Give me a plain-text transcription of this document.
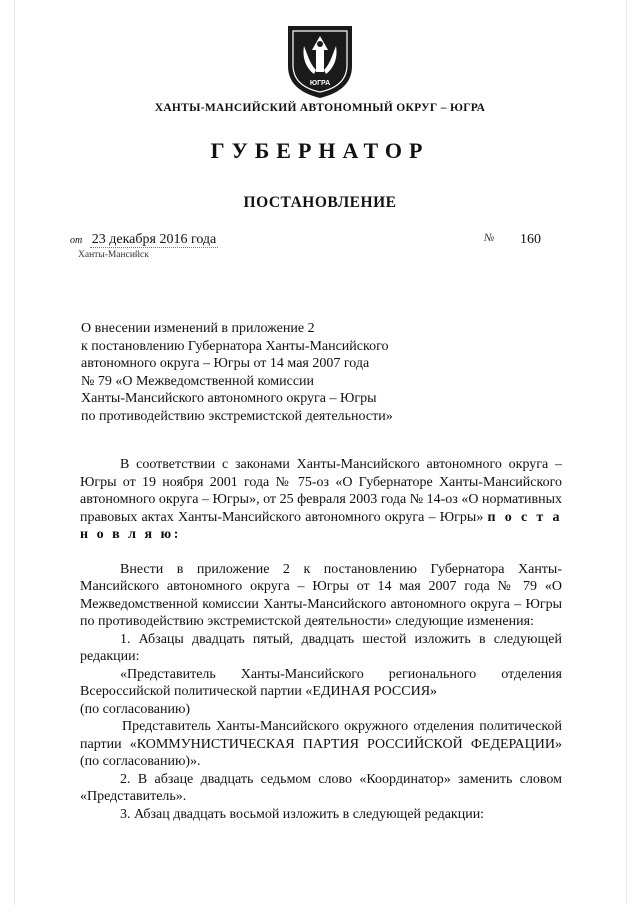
ЮГРА
ХАНТЫ-МАНСИЙСКИЙ АВТОНОМНЫЙ ОКРУГ – ЮГРА
ГУБЕРНАТОР
ПОСТАНОВЛЕНИЕ
от 23 декабря 2016 года
Ханты-Мансийск
№ 160
О внесении изменений в приложение 2
к постановлению Губернатора Ханты-Мансийского
автономного округа – Югры от 14 мая 2007 года
№ 79 «О Межведомственной комиссии
Ханты-Мансийского автономного округа – Югры
по противодействию экстремистской деятельности»

В соответствии с законами Ханты-Мансийского автономного округа – Югры от 19 ноября 2001 года № 75-оз «О Губернаторе Ханты-Мансийского автономного округа – Югры», от 25 февраля 2003 года № 14-оз «О нормативных правовых актах Ханты-Мансийского автономного округа – Югры» п о с т а н о в л я ю:

Внести в приложение 2 к постановлению Губернатора Ханты-Мансийского автономного округа – Югры от 14 мая 2007 года № 79 «О Межведомственной комиссии Ханты-Мансийского автономного округа – Югры по противодействию экстремистской деятельности» следующие изменения:

1. Абзацы двадцать пятый, двадцать шестой изложить в следующей редакции:

«Представитель Ханты-Мансийского регионального отделения Всероссийской политической партии «ЕДИНАЯ РОССИЯ»

(по согласованию)

Представитель Ханты-Мансийского окружного отделения политической партии «КОММУНИСТИЧЕСКАЯ ПАРТИЯ РОССИЙСКОЙ ФЕДЕРАЦИИ» (по согласованию)».

2. В абзаце двадцать седьмом слово «Координатор» заменить словом «Представитель».

3. Абзац двадцать восьмой изложить в следующей редакции:
